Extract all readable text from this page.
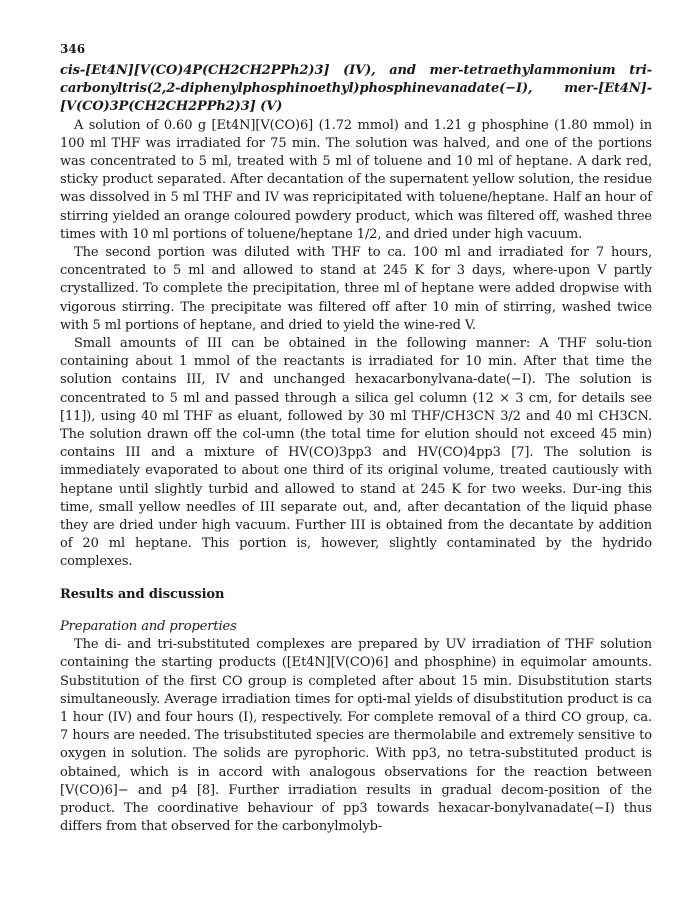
346

cis-[Et4N][V(CO)4P(CH2CH2PPh2)3] (IV), and mer-tetraethylammonium tri-carbonyltris(2,2-diphenylphosphinoethyl)phosphinevanadate(−I), mer-[Et4N]-[V(CO)3P(CH2CH2PPh2)3] (V)

A solution of 0.60 g [Et4N][V(CO)6] (1.72 mmol) and 1.21 g phosphine (1.80 mmol) in 100 ml THF was irradiated for 75 min. The solution was halved, and one of the portions was concentrated to 5 ml, treated with 5 ml of toluene and 10 ml of heptane. A dark red, sticky product separated. After decantation of the supernatent yellow solution, the residue was dissolved in 5 ml THF and IV was repricipitated with toluene/heptane. Half an hour of stirring yielded an orange coloured powdery product, which was filtered off, washed three times with 10 ml portions of toluene/heptane 1/2, and dried under high vacuum.

The second portion was diluted with THF to ca. 100 ml and irradiated for 7 hours, concentrated to 5 ml and allowed to stand at 245 K for 3 days, where-upon V partly crystallized. To complete the precipitation, three ml of heptane were added dropwise with vigorous stirring. The precipitate was filtered off after 10 min of stirring, washed twice with 5 ml portions of heptane, and dried to yield the wine-red V.

Small amounts of III can be obtained in the following manner: A THF solu-tion containing about 1 mmol of the reactants is irradiated for 10 min. After that time the solution contains III, IV and unchanged hexacarbonylvana-date(−I). The solution is concentrated to 5 ml and passed through a silica gel column (12 × 3 cm, for details see [11]), using 40 ml THF as eluant, followed by 30 ml THF/CH3CN 3/2 and 40 ml CH3CN. The solution drawn off the col-umn (the total time for elution should not exceed 45 min) contains III and a mixture of HV(CO)3pp3 and HV(CO)4pp3 [7]. The solution is immediately evaporated to about one third of its original volume, treated cautiously with heptane until slightly turbid and allowed to stand at 245 K for two weeks. Dur-ing this time, small yellow needles of III separate out, and, after decantation of the liquid phase they are dried under high vacuum. Further III is obtained from the decantate by addition of 20 ml heptane. This portion is, however, slightly contaminated by the hydrido complexes.

Results and discussion

Preparation and properties

The di- and tri-substituted complexes are prepared by UV irradiation of THF solution containing the starting products ([Et4N][V(CO)6] and phosphine) in equimolar amounts. Substitution of the first CO group is completed after about 15 min. Disubstitution starts simultaneously. Average irradiation times for opti-mal yields of disubstitution product is ca 1 hour (IV) and four hours (I), respectively. For complete removal of a third CO group, ca. 7 hours are needed. The trisubstituted species are thermolabile and extremely sensitive to oxygen in solution. The solids are pyrophoric. With pp3, no tetra-substituted product is obtained, which is in accord with analogous observations for the reaction between [V(CO)6]− and p4 [8]. Further irradiation results in gradual decom-position of the product. The coordinative behaviour of pp3 towards hexacar-bonylvanadate(−I) thus differs from that observed for the carbonylmolyb-
